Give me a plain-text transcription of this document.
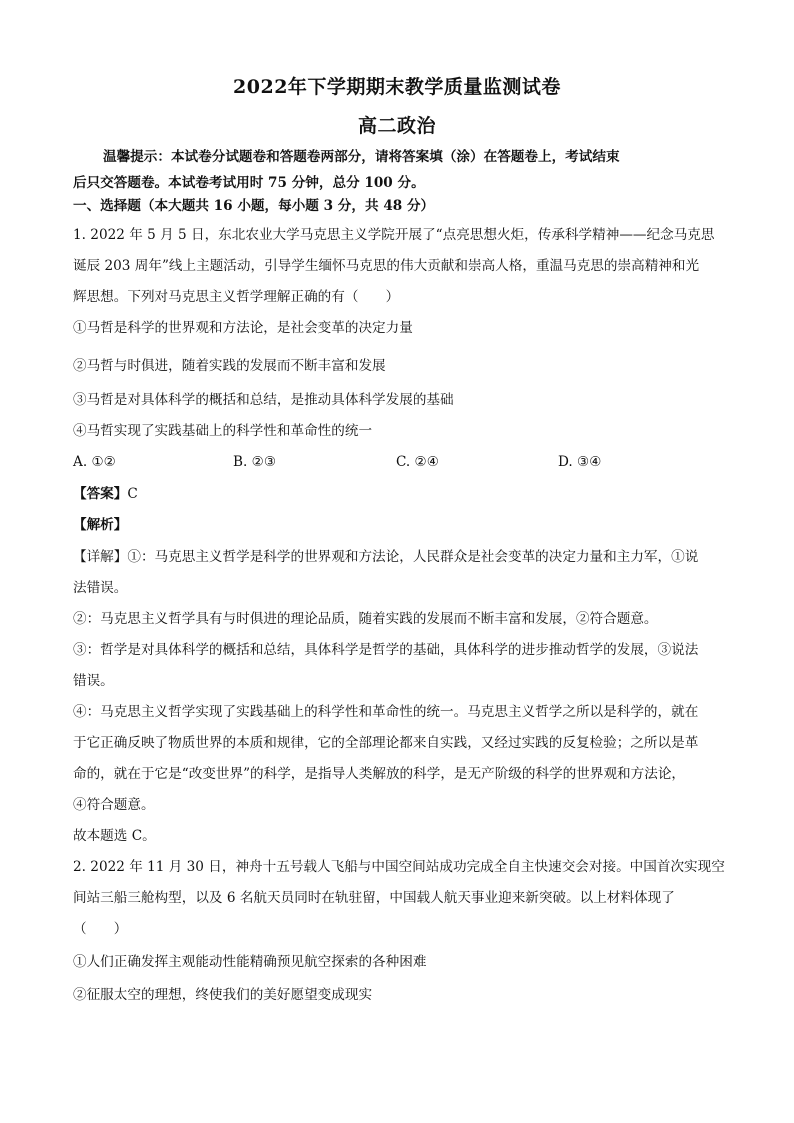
2022年下学期期末教学质量监测试卷
高二政治
温馨提示：本试卷分试题卷和答题卷两部分，请将答案填（涂）在答题卷上，考试结束
后只交答题卷。本试卷考试用时 75 分钟，总分 100 分。
一、选择题（本大题共 16 小题，每小题 3 分，共 48 分）
1. 2022 年 5 月 5 日，东北农业大学马克思主义学院开展了“点亮思想火炬，传承科学精神——纪念马克思
诞辰 203 周年”线上主题活动，引导学生缅怀马克思的伟大贡献和崇高人格，重温马克思的崇高精神和光
辉思想。下列对马克思主义哲学理解正确的有（　　）
①马哲是科学的世界观和方法论，是社会变革的决定力量
②马哲与时俱进，随着实践的发展而不断丰富和发展
③马哲是对具体科学的概括和总结，是推动具体科学发展的基础
④马哲实现了实践基础上的科学性和革命性的统一
A. ①②	B. ②③	C. ②④	D. ③④
【答案】C
【解析】
【详解】①：马克思主义哲学是科学的世界观和方法论，人民群众是社会变革的决定力量和主力军，①说
法错误。
②：马克思主义哲学具有与时俱进的理论品质，随着实践的发展而不断丰富和发展，②符合题意。
③：哲学是对具体科学的概括和总结，具体科学是哲学的基础，具体科学的进步推动哲学的发展，③说法
错误。
④：马克思主义哲学实现了实践基础上的科学性和革命性的统一。马克思主义哲学之所以是科学的，就在
于它正确反映了物质世界的本质和规律，它的全部理论都来自实践，又经过实践的反复检验；之所以是革
命的，就在于它是“改变世界”的科学，是指导人类解放的科学，是无产阶级的科学的世界观和方法论，
④符合题意。
故本题选 C。
2. 2022 年 11 月 30 日，神舟十五号载人飞船与中国空间站成功完成全自主快速交会对接。中国首次实现空
间站三船三舱构型，以及 6 名航天员同时在轨驻留，中国载人航天事业迎来新突破。以上材料体现了
（　　）
①人们正确发挥主观能动性能精确预见航空探索的各种困难
②征服太空的理想，终使我们的美好愿望变成现实
